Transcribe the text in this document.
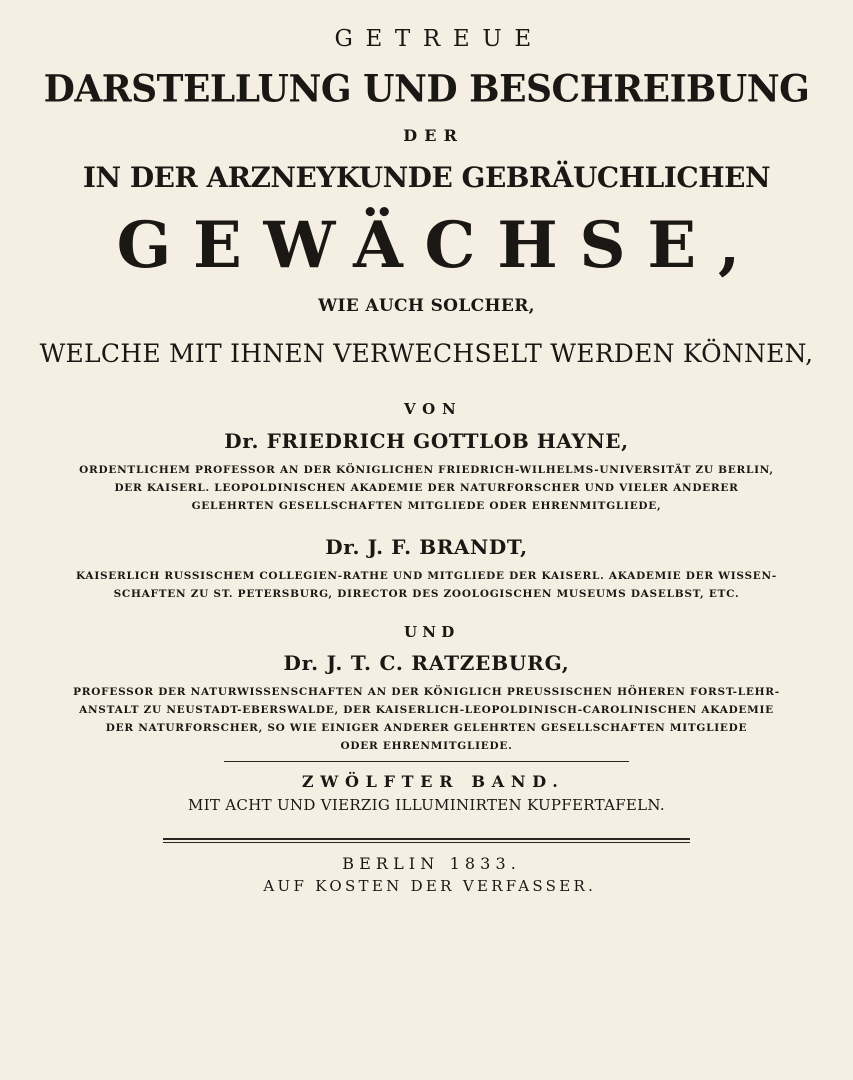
GETREUE

DARSTELLUNG UND BESCHREIBUNG

DER

IN DER ARZNEYKUNDE GEBRÄUCHLICHEN

GEWÄCHSE,

WIE AUCH SOLCHER,

WELCHE MIT IHNEN VERWECHSELT WERDEN KÖNNEN,

VON

Dr. FRIEDRICH GOTTLOB HAYNE,

ORDENTLICHEM PROFESSOR AN DER KÖNIGLICHEN FRIEDRICH-WILHELMS-UNIVERSITÄT ZU BERLIN,

DER KAISERL. LEOPOLDINISCHEN AKADEMIE DER NATURFORSCHER UND VIELER ANDERER

GELEHRTEN GESELLSCHAFTEN MITGLIEDE ODER EHRENMITGLIEDE,

Dr. J. F. BRANDT,

KAISERLICH RUSSISCHEM COLLEGIEN-RATHE UND MITGLIEDE DER KAISERL. AKADEMIE DER WISSEN-

SCHAFTEN ZU ST. PETERSBURG, DIRECTOR DES ZOOLOGISCHEN MUSEUMS DASELBST, ETC.

UND

Dr. J. T. C. RATZEBURG,

PROFESSOR DER NATURWISSENSCHAFTEN AN DER KÖNIGLICH PREUSSISCHEN HÖHEREN FORST-LEHR-

ANSTALT ZU NEUSTADT-EBERSWALDE, DER KAISERLICH-LEOPOLDINISCH-CAROLINISCHEN AKADEMIE

DER NATURFORSCHER, SO WIE EINIGER ANDERER GELEHRTEN GESELLSCHAFTEN MITGLIEDE

ODER EHRENMITGLIEDE.

ZWÖLFTER BAND.

MIT ACHT UND VIERZIG ILLUMINIRTEN KUPFERTAFELN.

BERLIN 1833.

AUF KOSTEN DER VERFASSER.
